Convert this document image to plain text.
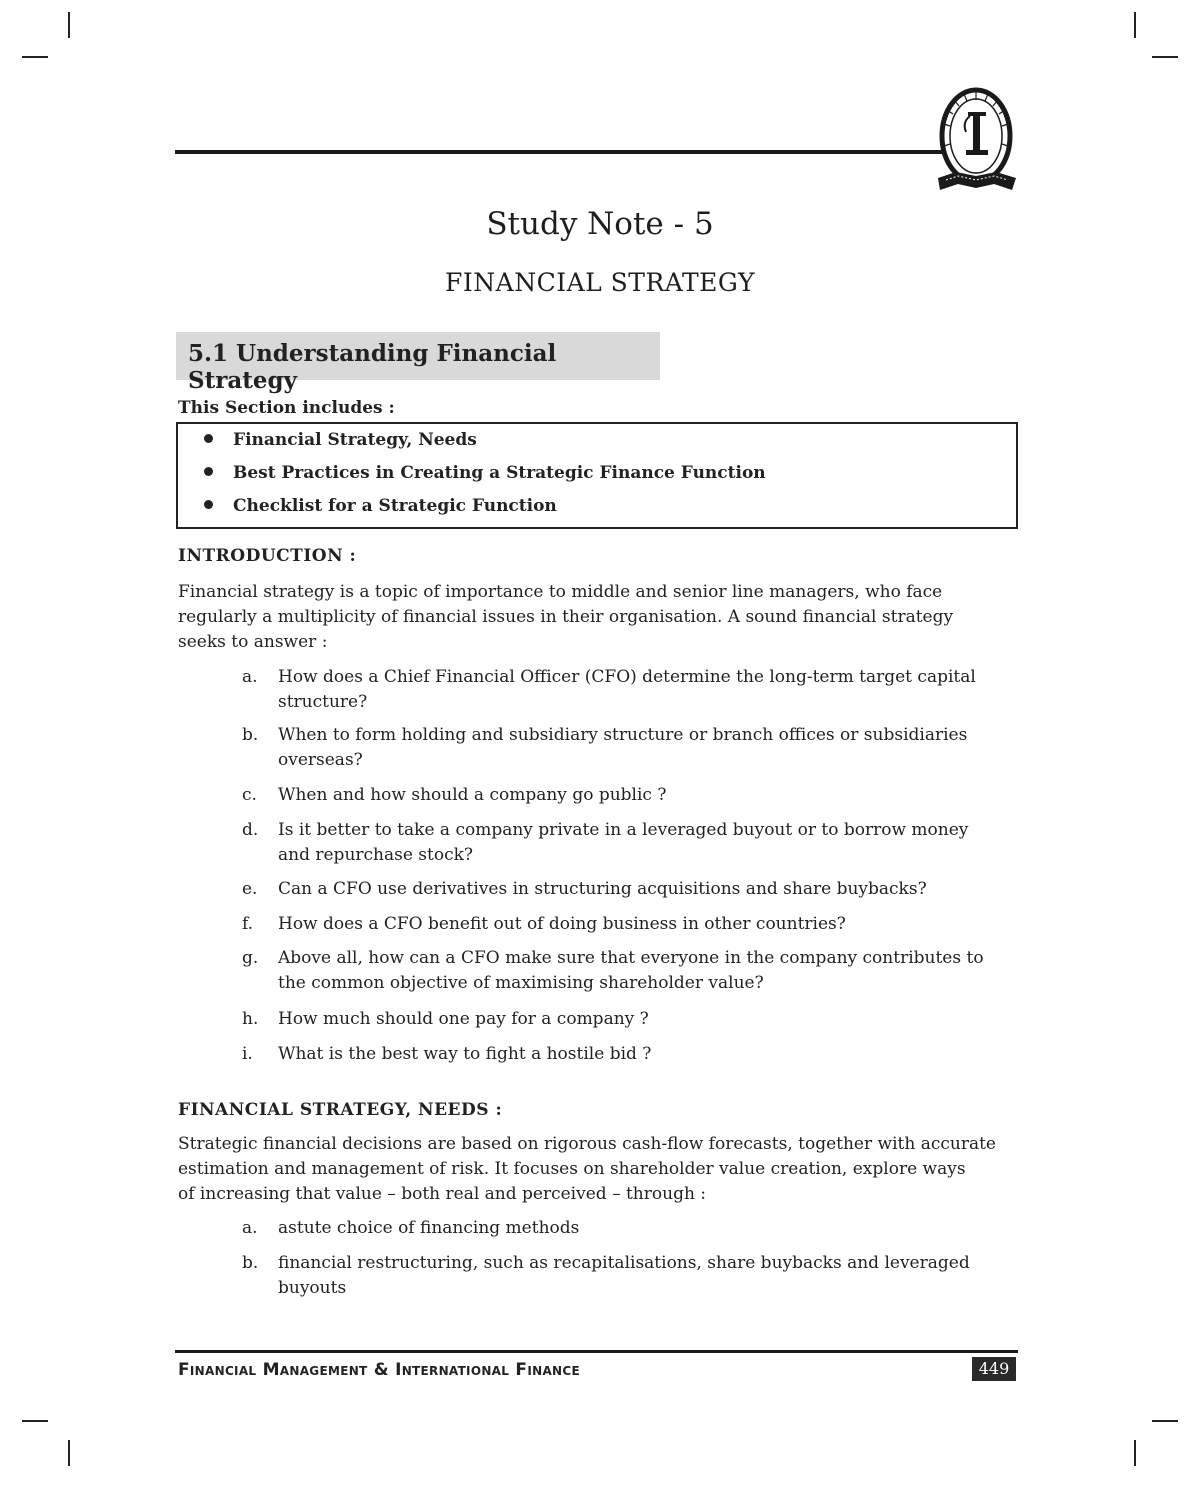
Study Note - 5
FINANCIAL STRATEGY
5.1 Understanding Financial Strategy
This Section includes :
Financial Strategy, Needs
Best Practices in Creating a Strategic Finance Function
Checklist for a Strategic Function
INTRODUCTION :
Financial strategy is a topic of importance to middle and senior line managers, who face
regularly a multiplicity of financial issues in their organisation. A sound financial strategy
seeks to answer :
a.	How does a Chief Financial Officer (CFO) determine the long-term target capital
structure?
b.	When to form holding and subsidiary structure or branch offices or subsidiaries
overseas?
c.	When and how should a company go public ?
d.	Is it better to take a company private in a leveraged buyout or to borrow money
and repurchase stock?
e.	Can a CFO use derivatives in structuring acquisitions and share buybacks?
f.	How does a CFO benefit out of doing business in other countries?
g.	Above all, how can a CFO make sure that everyone in the company contributes to
the common objective of maximising shareholder value?
h.	How much should one pay for a company ?
i.	What is the best way to fight a hostile bid ?
FINANCIAL STRATEGY, NEEDS :
Strategic financial decisions are based on rigorous cash-flow forecasts, together with accurate
estimation and management of risk. It focuses on shareholder value creation, explore ways
of increasing that value – both real and perceived – through :
a.	astute choice of financing methods
b.	financial restructuring, such as recapitalisations, share buybacks and leveraged
buyouts
Financial Management & International Finance	449
